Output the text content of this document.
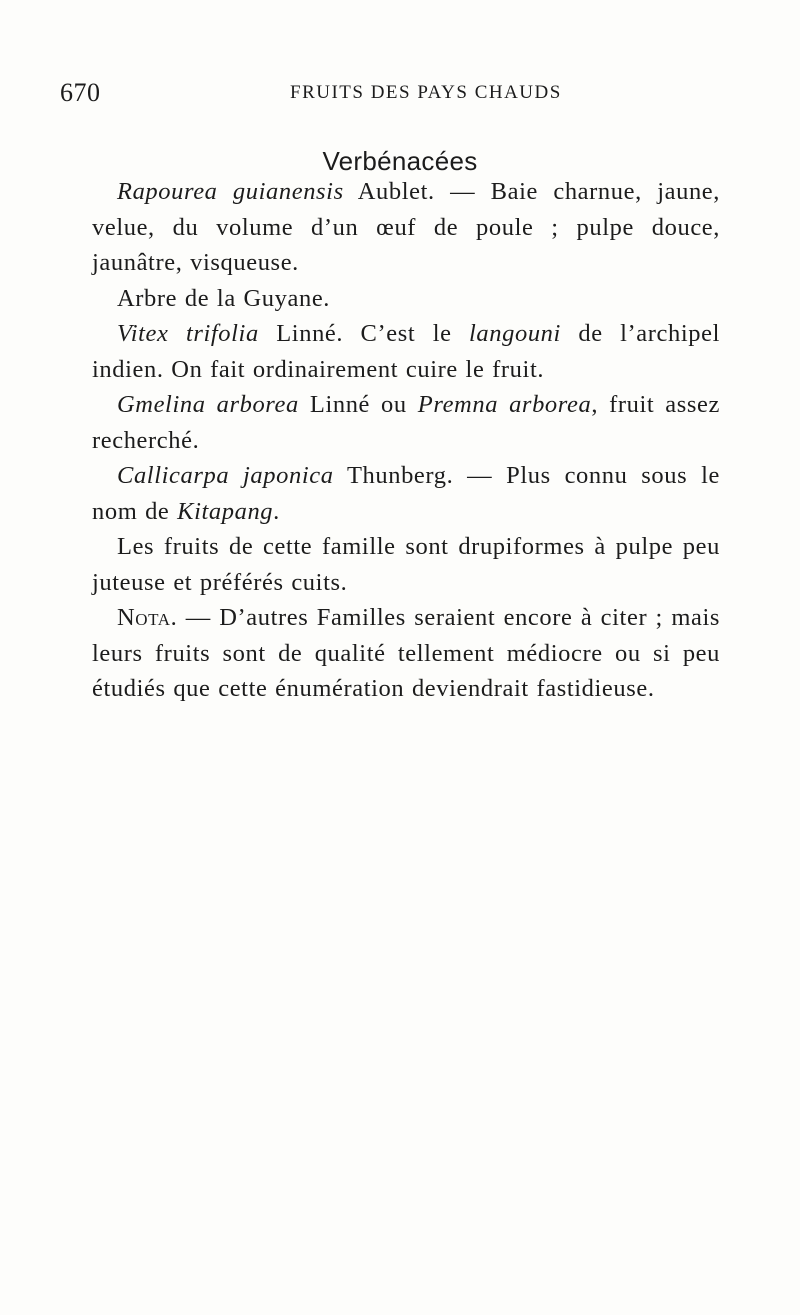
670	FRUITS DES PAYS CHAUDS
Verbénacées

Rapourea guianensis Aublet. — Baie charnue, jaune, velue, du volume d’un œuf de poule ; pulpe douce, jaunâtre, visqueuse.

Arbre de la Guyane.

Vitex trifolia Linné. C’est le langouni de l’archipel indien. On fait ordinairement cuire le fruit.

Gmelina arborea Linné ou Premna arborea, fruit assez recherché.

Callicarpa japonica Thunberg. — Plus connu sous le nom de Kitapang.

Les fruits de cette famille sont drupiformes à pulpe peu juteuse et préférés cuits.

Nota. — D’autres Familles seraient encore à citer ; mais leurs fruits sont de qualité tellement médiocre ou si peu étudiés que cette énumération deviendrait fastidieuse.
